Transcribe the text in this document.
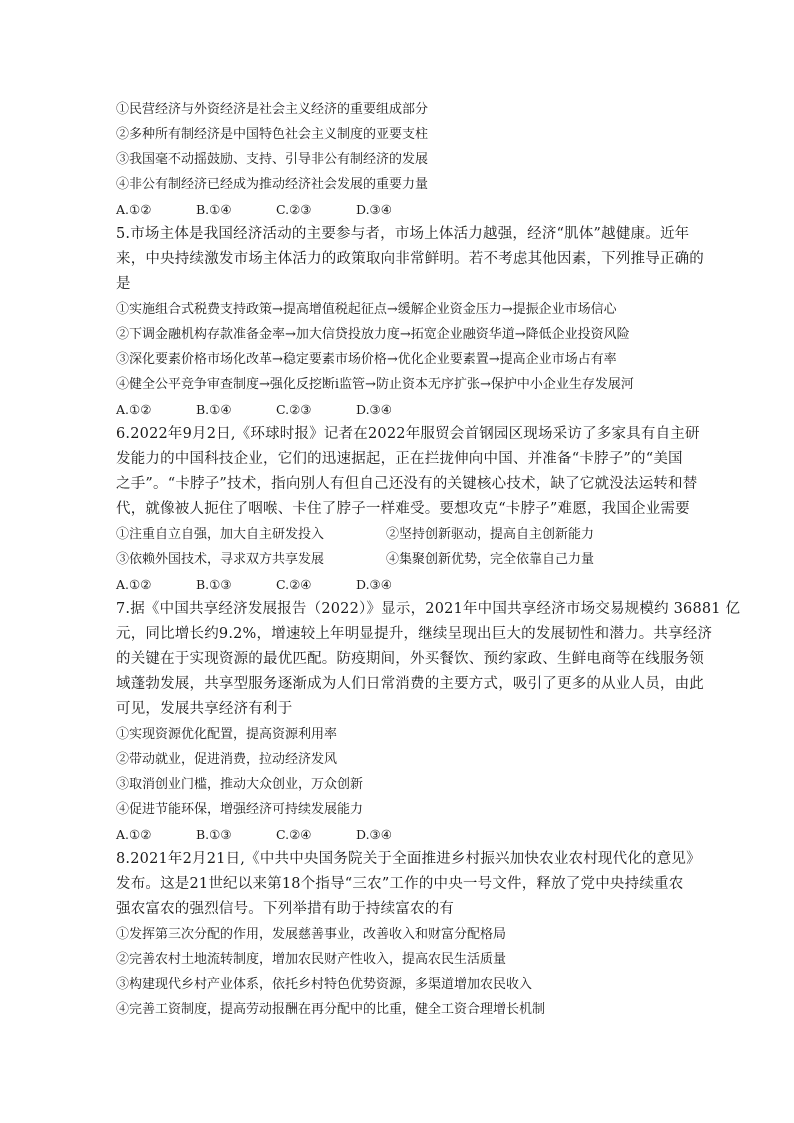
①民营经济与外资经济是社会主义经济的重要组成部分
②多种所有制经济是中国特色社会主义制度的亚要支柱
③我国毫不动摇鼓励、支持、引导非公有制经济的发展
④非公有制经济已经成为推动经济社会发展的重要力量
A.①②	B.①④	C.②③	D.③④
5.市场主体是我国经济活动的主要参与者，市场上体活力越强，经济“肌体”越健康。近年
来，中央持续激发市场主体活力的政策取向非常鲜明。若不考虑其他因素，下列推导正确的
是
①实施组合式税费支持政策→提高增值税起征点→缓解企业资金压力→提振企业市场信心
②下调金融机构存款准备金率→加大信贷投放力度→拓宽企业融资华道→降低企业投资风险
③深化要素价格市场化改革→稳定要素市场价格→优化企业要素置→提高企业市场占有率
④健全公平竞争审查制度→强化反挖断i监管→防止资本无序扩张→保护中小企业生存发展河
A.①②	B.①④	C.②③	D.③④
6.2022年9月2日,《环球时报》记者在2022年服贸会首钢园区现场采访了多家具有自主研
发能力的中国科技企业，它们的迅速据起，正在拦拢伸向中国、并准备“卡脖子”的“美国
之手”。“卡脖子”技术，指向别人有但自己还没有的关键核心技术，缺了它就没法运转和替
代，就像被人扼住了咽喉、卡住了脖子一样难受。要想攻克“卡脖子”难愿，我国企业需要
①注重自立自强，加大自主研发投入	②坚持创新驱动，提高自主创新能力
③依赖外国技术，寻求双方共享发展	④集聚创新优势，完全依靠自己力量
A.①②	B.①③	C.②④	D.③④
7.据《中国共享经济发展报告（2022）》显示，2021年中国共享经济市场交易规模约 36881 亿
元，同比增长约9.2%，增速较上年明显提升，继续呈现出巨大的发展韧性和潜力。共享经济
的关键在于实现资源的最优匹配。防疫期间，外买餐饮、预约家政、生鲜电商等在线服务领
域蓬勃发展，共享型服务逐渐成为人们日常消费的主要方式，吸引了更多的从业人员，由此
可见，发展共享经济有利于
①实现资源优化配置，提高资源利用率
②带动就业，促进消费，拉动经济发风
③取消创业门槛，推动大众创业，万众创新
④促进节能环保，增强经济可持续发展能力
A.①②	B.①③	C.②④	D.③④
8.2021年2月21日,《中共中央国务院关于全面推进乡村振兴加快农业农村现代化的意见》
发布。这是21世纪以来第18个指导“三农”工作的中央一号文件，释放了党中央持续重农
强农富农的强烈信号。下列举措有助于持续富农的有
①发挥第三次分配的作用，发展慈善事业，改善收入和财富分配格局
②完善农村土地流转制度，增加农民财产性收入，提高农民生活质量
③构建现代乡村产业体系，依托乡村特色优势资源，多渠道增加农民收入
④完善工资制度，提高劳动报酬在再分配中的比重，健全工资合理增长机制
